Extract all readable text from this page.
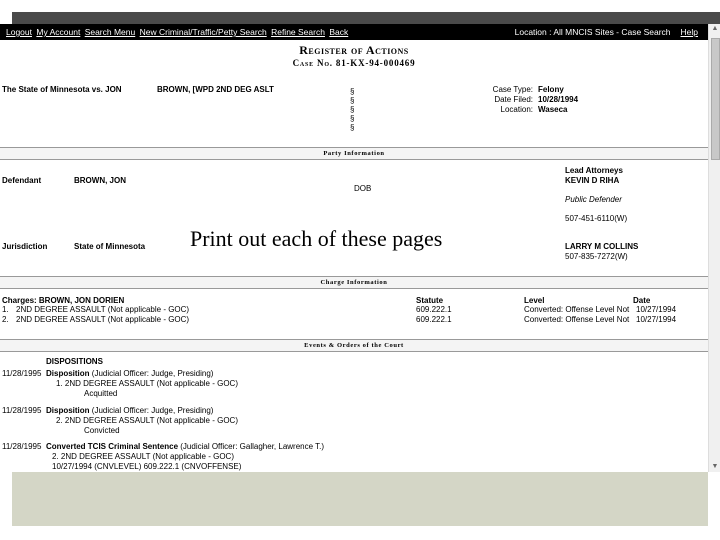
Logout My Account Search Menu New Criminal/Traffic/Petty Search Refine Search Back	Location : All MNCIS Sites - Case Search Help
Register of Actions
Case No. 81-KX-94-000469
The State of Minnesota vs. JON	BROWN, [WPD 2ND DEG ASLT	§
§
§
§
§
Case Type: Felony
Date Filed: 10/28/1994
Location: Waseca
Party Information
Lead Attorneys
Defendant	BROWN, JON	KEVIN D RIHA
DOB
Public Defender
507-451-6110(W)
Jurisdiction	State of Minnesota	LARRY M COLLINS
507-835-7272(W)
Charge Information
Charges: BROWN, JON DORIEN	Statute	Level	Date
1. 2ND DEGREE ASSAULT (Not applicable - GOC)	609.222.1	Converted: Offense Level Not 10/27/1994
2. 2ND DEGREE ASSAULT (Not applicable - GOC)	609.222.1	Converted: Offense Level Not 10/27/1994
Events & Orders of the Court
DISPOSITIONS
11/28/1995 Disposition (Judicial Officer: Judge, Presiding)
1. 2ND DEGREE ASSAULT (Not applicable - GOC)
Acquitted
11/28/1995 Disposition (Judicial Officer: Judge, Presiding)
2. 2ND DEGREE ASSAULT (Not applicable - GOC)
Convicted
11/28/1995 Converted TCIS Criminal Sentence (Judicial Officer: Gallagher, Lawrence T.)
2. 2ND DEGREE ASSAULT (Not applicable - GOC)
10/27/1994 (CNVLEVEL) 609.222.1 (CNVOFFENSE)
▲
▼
Print out each of these pages
